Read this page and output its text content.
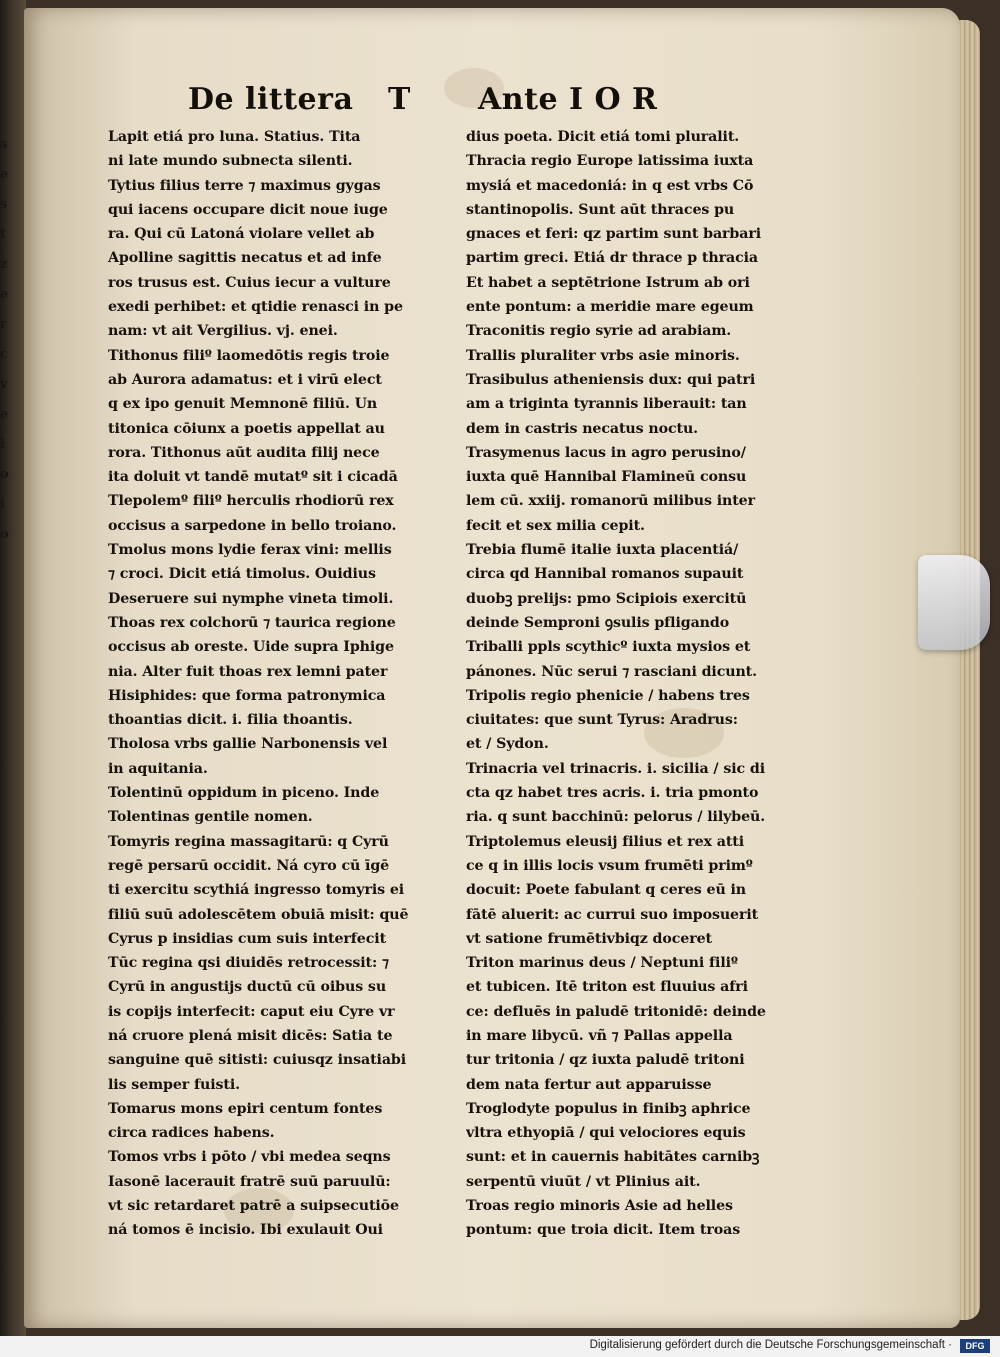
s
e
s
t
z
e
r
c
v
e
i
o
i
o
De littera T Ante I O R
Lapit etiá pro luna. Statius. Tita
ni late mundo subnecta silenti.
Tytius filius terre ⁊ maximus gygas
qui iacens occupare dicit noue iuge
ra. Qui cū Latoná violare vellet ab
Apolline sagittis necatus et ad infe
ros trusus est. Cuius iecur a vulture
exedi perhibet: et qtidie renasci in pe
nam: vt ait Vergilius. vj. enei.
Tithonus filiº laomedōtis regis troie
ab Aurora adamatus: et i virū elect
q ex ipo genuit Memnonē filiū. Un
titonica cōiunx a poetis appellat au
rora. Tithonus aūt audita filij nece
ita doluit vt tandē mutatº sit i cicadā
Tlepolemº filiº herculis rhodiorū rex
occisus a sarpedone in bello troiano.
Tmolus mons lydie ferax vini: mellis
⁊ croci. Dicit etiá timolus. Ouidius
Deseruere sui nymphe vineta timoli.
Thoas rex colchorū ⁊ taurica regione
occisus ab oreste. Uide supra Iphige
nia. Alter fuit thoas rex lemni pater
Hisiphides: que forma patronymica
thoantias dicit. i. filia thoantis.
Tholosa vrbs gallie Narbonensis vel
in aquitania.
Tolentinū oppidum in piceno. Inde
Tolentinas gentile nomen.
Tomyris regina massagitarū: q Cyrū
regē persarū occidit. Ná cyro cū īgē
ti exercitu scythiá ingresso tomyris ei
filiū suū adolescētem obuiā misit: quē
Cyrus p insidias cum suis interfecit
Tūc regina qsi diuidēs retrocessit: ⁊
Cyrū in angustijs ductū cū oibus su
is copijs interfecit: caput eiu Cyre vr
ná cruore plená misit dicēs: Satia te
sanguine quē sitisti: cuiusqz insatiabi
lis semper fuisti.
Tomarus mons epiri centum fontes
circa radices habens.
Tomos vrbs i pōto / vbi medea seqns
Iasonē lacerauit fratrē suū paruulū:
vt sic retardaret patrē a suipsecutiōe
ná tomos ē incisio. Ibi exulauit Oui
dius poeta. Dicit etiá tomi pluralit.
Thracia regio Europe latissima iuxta
mysiá et macedoniá: in q est vrbs Cō
stantinopolis. Sunt aūt thraces pu
gnaces et feri: qz partim sunt barbari
partim greci. Etiá dr thrace p thracia
Et habet a septētrione Istrum ab ori
ente pontum: a meridie mare egeum
Traconitis regio syrie ad arabiam.
Trallis pluraliter vrbs asie minoris.
Trasibulus atheniensis dux: qui patri
am a triginta tyrannis liberauit: tan
dem in castris necatus noctu.
Trasymenus lacus in agro perusino/
iuxta quē Hannibal Flamineū consu
lem cū. xxiij. romanorū milibus inter
fecit et sex milia cepit.
Trebia flumē italie iuxta placentiá/
circa qd Hannibal romanos supauit
duobꝫ prelijs: pmo Scipiois exercitū
deinde Semproni ꝯsulis pfligando
Triballi ppls scythicº iuxta mysios et
pánones. Nūc serui ⁊ rasciani dicunt.
Tripolis regio phenicie / habens tres
ciuitates: que sunt Tyrus: Aradrus:
et / Sydon.
Trinacria vel trinacris. i. sicilia / sic di
cta qz habet tres acris. i. tria pmonto
ria. q sunt bacchinū: pelorus / lilybeū.
Triptolemus eleusij filius et rex atti
ce q in illis locis vsum frumēti primº
docuit: Poete fabulant q ceres eū in
fātē aluerit: ac currui suo imposuerit
vt satione frumētivbiqz doceret
Triton marinus deus / Neptuni filiº
et tubicen. Itē triton est fluuius afri
ce: defluēs in paludē tritonidē: deinde
in mare libycū. vñ ⁊ Pallas appella
tur tritonia / qz iuxta paludē tritoni
dem nata fertur aut apparuisse
Troglodyte populus in finibꝫ aphrice
vltra ethyopiā / qui velociores equis
sunt: et in cauernis habitātes carnibꝫ
serpentū viuūt / vt Plinius ait.
Troas regio minoris Asie ad helles
pontum: que troia dicit. Item troas
Digitalisierung gefördert durch die Deutsche Forschungsgemeinschaft ·	DFG
